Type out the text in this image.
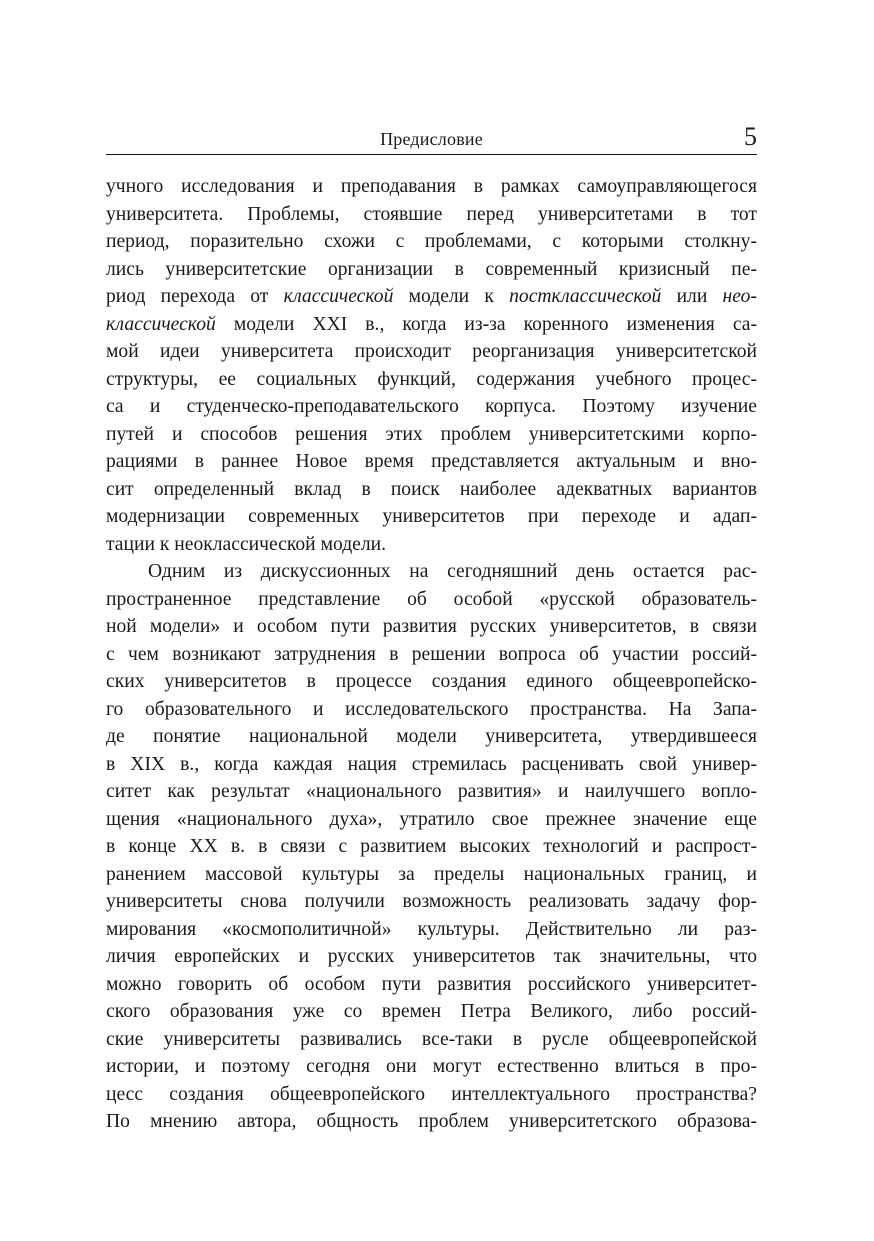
Предисловие	5
учного исследования и преподавания в рамках самоуправляющегося
университета. Проблемы, стоявшие перед университетами в тот
период, поразительно схожи с проблемами, с которыми столкну-
лись университетские организации в современный кризисный пе-
риод перехода от классической модели к постклассической или нео-
классической модели XXI в., когда из-за коренного изменения са-
мой идеи университета происходит реорганизация университетской
структуры, ее социальных функций, содержания учебного процес-
са и студенческо-преподавательского корпуса. Поэтому изучение
путей и способов решения этих проблем университетскими корпо-
рациями в раннее Новое время представляется актуальным и вно-
сит определенный вклад в поиск наиболее адекватных вариантов
модернизации современных университетов при переходе и адап-
тации к неоклассической модели.
Одним из дискуссионных на сегодняшний день остается рас-
пространенное представление об особой «русской образователь-
ной модели» и особом пути развития русских университетов, в связи
с чем возникают затруднения в решении вопроса об участии россий-
ских университетов в процессе создания единого общеевропейско-
го образовательного и исследовательского пространства. На Запа-
де понятие национальной модели университета, утвердившееся
в XIX в., когда каждая нация стремилась расценивать свой универ-
ситет как результат «национального развития» и наилучшего вопло-
щения «национального духа», утратило свое прежнее значение еще
в конце XX в. в связи с развитием высоких технологий и распрост-
ранением массовой культуры за пределы национальных границ, и
университеты снова получили возможность реализовать задачу фор-
мирования «космополитичной» культуры. Действительно ли раз-
личия европейских и русских университетов так значительны, что
можно говорить об особом пути развития российского университет-
ского образования уже со времен Петра Великого, либо россий-
ские университеты развивались все-таки в русле общеевропейской
истории, и поэтому сегодня они могут естественно влиться в про-
цесс создания общеевропейского интеллектуального пространства?
По мнению автора, общность проблем университетского образова-
